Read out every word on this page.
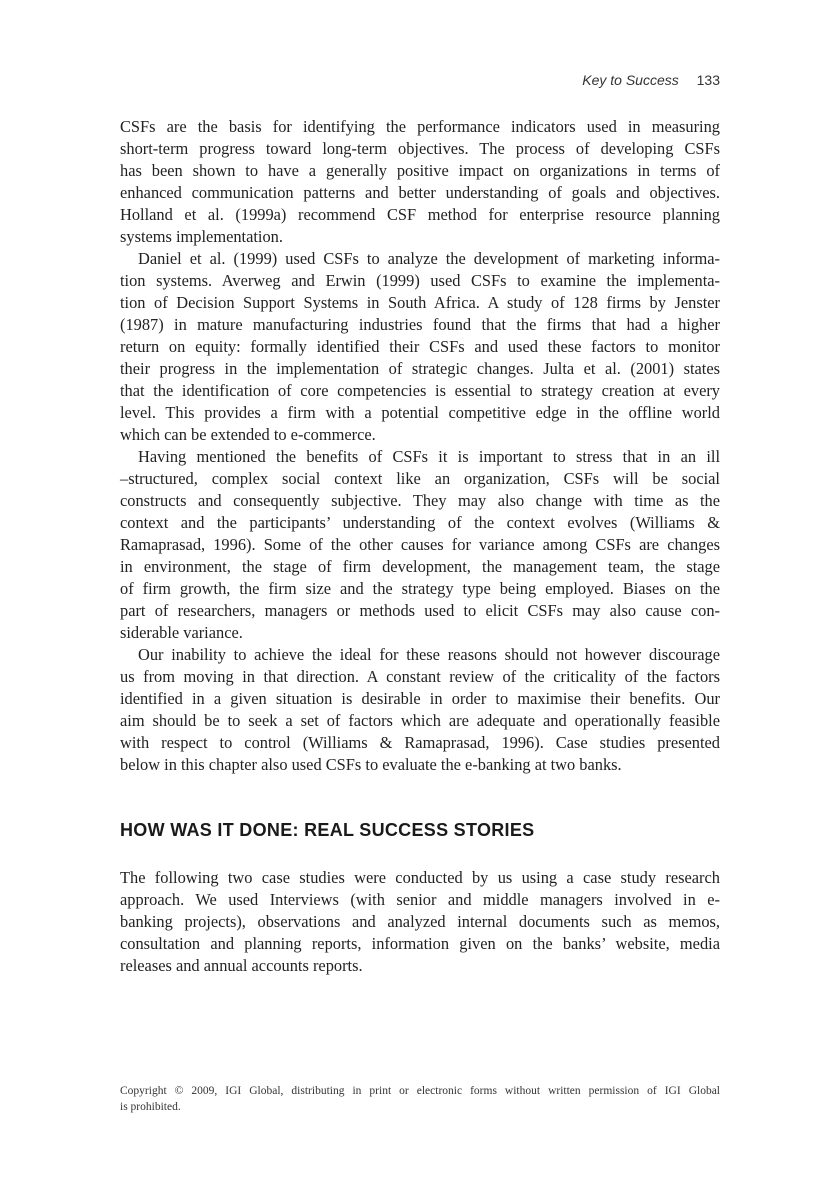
Key to Success 133
CSFs are the basis for identifying the performance indicators used in measuring
short-term progress toward long-term objectives. The process of developing CSFs
has been shown to have a generally positive impact on organizations in terms of
enhanced communication patterns and better understanding of goals and objectives.
Holland et al. (1999a) recommend CSF method for enterprise resource planning
systems implementation.
Daniel et al. (1999) used CSFs to analyze the development of marketing informa-
tion systems. Averweg and Erwin (1999) used CSFs to examine the implementa-
tion of Decision Support Systems in South Africa. A study of 128 firms by Jenster
(1987) in mature manufacturing industries found that the firms that had a higher
return on equity: formally identified their CSFs and used these factors to monitor
their progress in the implementation of strategic changes. Julta et al. (2001) states
that the identification of core competencies is essential to strategy creation at every
level. This provides a firm with a potential competitive edge in the offline world
which can be extended to e-commerce.
Having mentioned the benefits of CSFs it is important to stress that in an ill
–structured, complex social context like an organization, CSFs will be social
constructs and consequently subjective. They may also change with time as the
context and the participants’ understanding of the context evolves (Williams &
Ramaprasad, 1996). Some of the other causes for variance among CSFs are changes
in environment, the stage of firm development, the management team, the stage
of firm growth, the firm size and the strategy type being employed. Biases on the
part of researchers, managers or methods used to elicit CSFs may also cause con-
siderable variance.
Our inability to achieve the ideal for these reasons should not however discourage
us from moving in that direction. A constant review of the criticality of the factors
identified in a given situation is desirable in order to maximise their benefits. Our
aim should be to seek a set of factors which are adequate and operationally feasible
with respect to control (Williams & Ramaprasad, 1996). Case studies presented
below in this chapter also used CSFs to evaluate the e-banking at two banks.
HOW WAS IT DONE: REAL SUCCESS STORIES
The following two case studies were conducted by us using a case study research
approach. We used Interviews (with senior and middle managers involved in e-
banking projects), observations and analyzed internal documents such as memos,
consultation and planning reports, information given on the banks’ website, media
releases and annual accounts reports.
Copyright © 2009, IGI Global, distributing in print or electronic forms without written permission of IGI Global
is prohibited.
